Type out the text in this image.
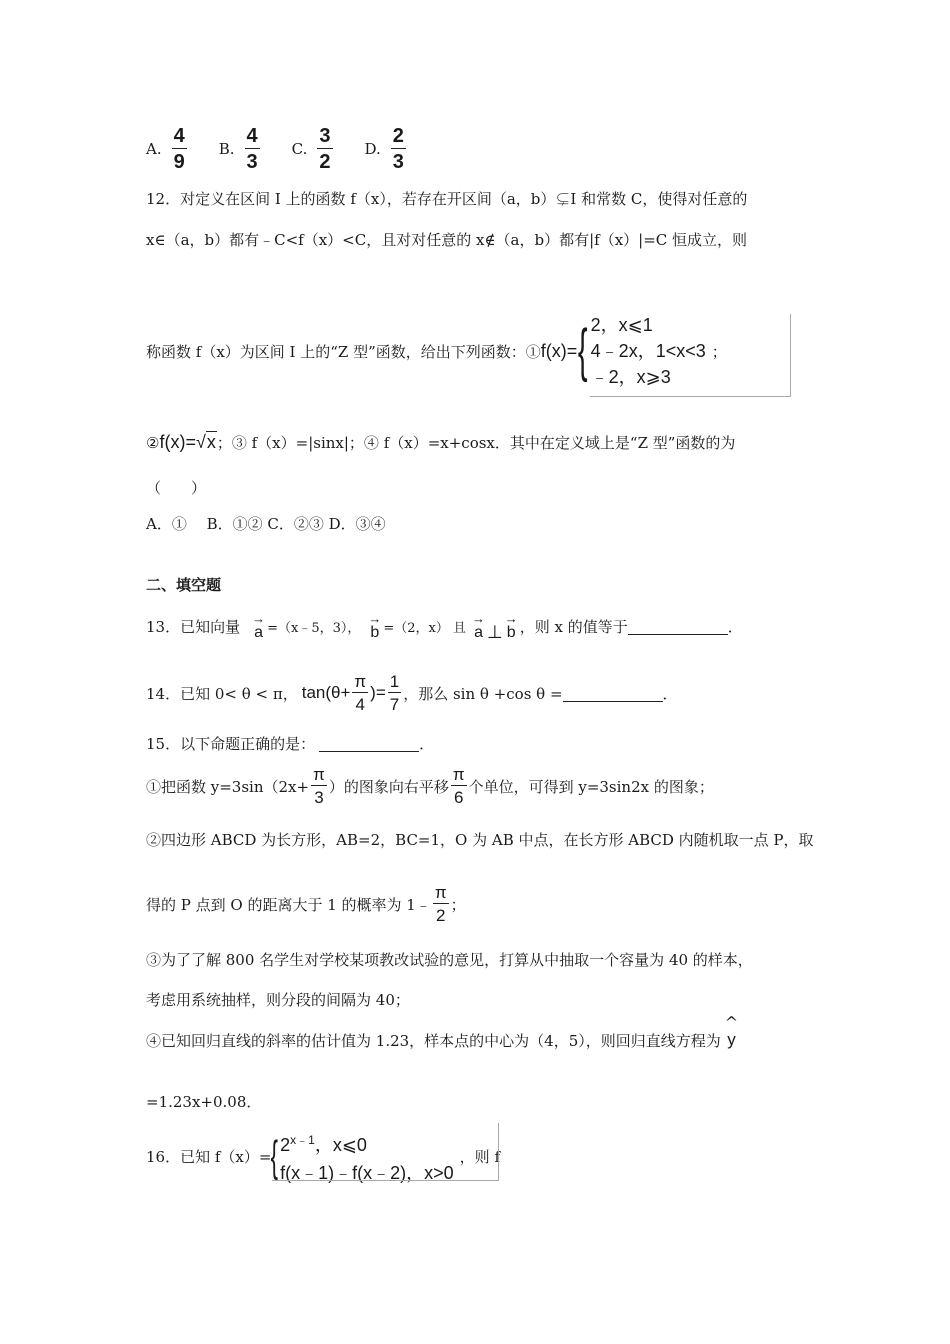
A. $\frac{4}{9} B$. $\frac{4}{3} C$. $\frac{3}{2} D$. $\frac{2}{3}$
12．对定义在区间 I 上的函数 f（x），若存在开区间（a，b）⊊I 和常数 C，使得对任意的
x∈（a，b）都有﹣C<f（x）<C，且对对任意的 x∉（a，b）都有|f（x）|=C 恒成立，则
称函数 f（x）为区间 I 上的“Z 型”函数，给出下列函数：① f(x)= { 2，x⩽1
4﹣2x，1<x<3
﹣2，x⩾3
；
② f(x)=√x ；③ f（x）=|sinx|；④ f（x）=x+cosx．其中在定义域上是“Z 型”函数的为
（　　）
A．①　 B．①② C．②③ D．③④
二、填空题
13．已知向量 →
a =（x﹣5，3），
→
b =（2，x） 且
→
a ⊥
→
b ，则 x 的值等于	．
14．已知 0< θ < π， $\tan(\theta+ \frac{\pi}{4}$ )= $\frac{1}{7}$ ，那么 sin θ +cos θ =	．
15．以下命题正确的是：	．
①把函数 $y=3\sin(2x+ \frac{\pi}{3}$ ）的图象向右平移 $\frac{\pi}{6}$ 个单位，可得到 y=3sin2x 的图象；
②四边形 ABCD 为长方形，AB=2，BC=1，O 为 AB 中点，在长方形 ABCD 内随机取一点 P，取
得的 P 点到 O 的距离大于 1 的概率为 1﹣ $\frac{\pi}{2}$ ；
③为了了解 800 名学生对学校某项教改试验的意见，打算从中抽取一个容量为 40 的样本，
考虑用系统抽样，则分段的间隔为 40；
④已知回归直线的斜率的估计值为 1.23，样本点的中心为（4，5），则回归直线方程为
^
y
=1.23x+0.08．
16．已知 f（x）= { $2^{x﹣1}$，x⩽0
f(x﹣1)﹣f(x﹣2)，x>0
，则 f
